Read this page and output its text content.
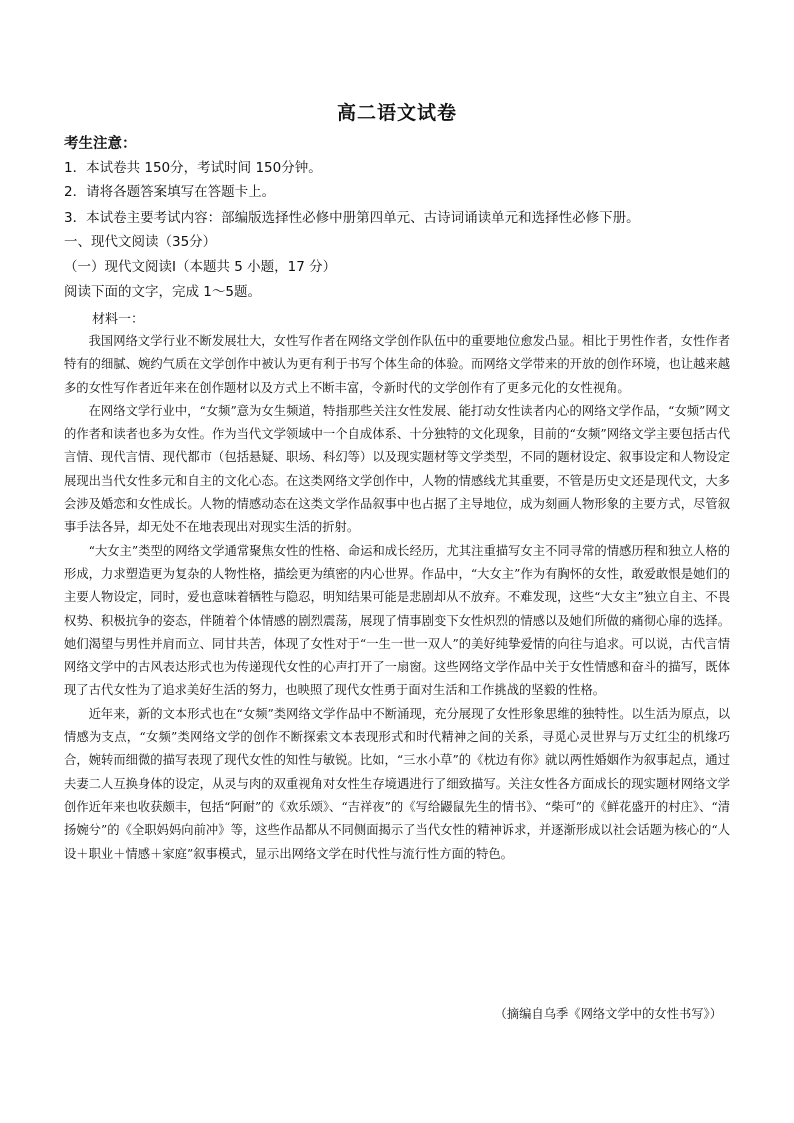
高二语文试卷
考生注意：
1．本试卷共 150分，考试时间 150分钟。
2．请将各题答案填写在答题卡上。
3．本试卷主要考试内容：部编版选择性必修中册第四单元、古诗词诵读单元和选择性必修下册。
一、现代文阅读（35分）
（一）现代文阅读Ⅰ（本题共 5 小题，17 分）
阅读下面的文字，完成 1～5题。
材料一：

我国网络文学行业不断发展壮大，女性写作者在网络文学创作队伍中的重要地位愈发凸显。相比于男性作者，女性作者特有的细腻、婉约气质在文学创作中被认为更有利于书写个体生命的体验。而网络文学带来的开放的创作环境，也让越来越多的女性写作者近年来在创作题材以及方式上不断丰富，令新时代的文学创作有了更多元化的女性视角。

在网络文学行业中，“女频”意为女生频道，特指那些关注女性发展、能打动女性读者内心的网络文学作品，“女频”网文的作者和读者也多为女性。作为当代文学领域中一个自成体系、十分独特的文化现象，目前的“女频”网络文学主要包括古代言情、现代言情、现代都市（包括悬疑、职场、科幻等）以及现实题材等文学类型，不同的题材设定、叙事设定和人物设定展现出当代女性多元和自主的文化心态。在这类网络文学创作中，人物的情感线尤其重要，不管是历史文还是现代文，大多会涉及婚恋和女性成长。人物的情感动态在这类文学作品叙事中也占据了主导地位，成为刻画人物形象的主要方式，尽管叙事手法各异，却无处不在地表现出对现实生活的折射。

“大女主”类型的网络文学通常聚焦女性的性格、命运和成长经历，尤其注重描写女主不同寻常的情感历程和独立人格的形成，力求塑造更为复杂的人物性格，描绘更为缜密的内心世界。作品中，“大女主”作为有胸怀的女性，敢爱敢恨是她们的主要人物设定，同时，爱也意味着牺牲与隐忍，明知结果可能是悲剧却从不放弃。不难发现，这些“大女主”独立自主、不畏权势、积极抗争的姿态，伴随着个体情感的剧烈震荡，展现了情事剧变下女性炽烈的情感以及她们所做的痛彻心扉的选择。她们渴望与男性并肩而立、同甘共苦，体现了女性对于“一生一世一双人”的美好纯挚爱情的向往与追求。可以说，古代言情网络文学中的古风表达形式也为传递现代女性的心声打开了一扇窗。这些网络文学作品中关于女性情感和奋斗的描写，既体现了古代女性为了追求美好生活的努力，也映照了现代女性勇于面对生活和工作挑战的坚毅的性格。

近年来，新的文本形式也在“女频”类网络文学作品中不断涌现，充分展现了女性形象思维的独特性。以生活为原点，以情感为支点，“女频”类网络文学的创作不断探索文本表现形式和时代精神之间的关系，寻觅心灵世界与万丈红尘的机缘巧合，婉转而细微的描写表现了现代女性的知性与敏锐。比如，“三水小草”的《枕边有你》就以两性婚姻作为叙事起点，通过夫妻二人互换身体的设定，从灵与肉的双重视角对女性生存境遇进行了细致描写。关注女性各方面成长的现实题材网络文学创作近年来也收获颇丰，包括“阿耐”的《欢乐颂》、“吉祥夜”的《写给鼹鼠先生的情书》、“柴可”的《鲜花盛开的村庄》、“清扬婉兮”的《全职妈妈向前冲》等，这些作品都从不同侧面揭示了当代女性的精神诉求，并逐渐形成以社会话题为核心的“人设＋职业＋情感＋家庭”叙事模式，显示出网络文学在时代性与流行性方面的特色。

（摘编自乌季《网络文学中的女性书写》）
